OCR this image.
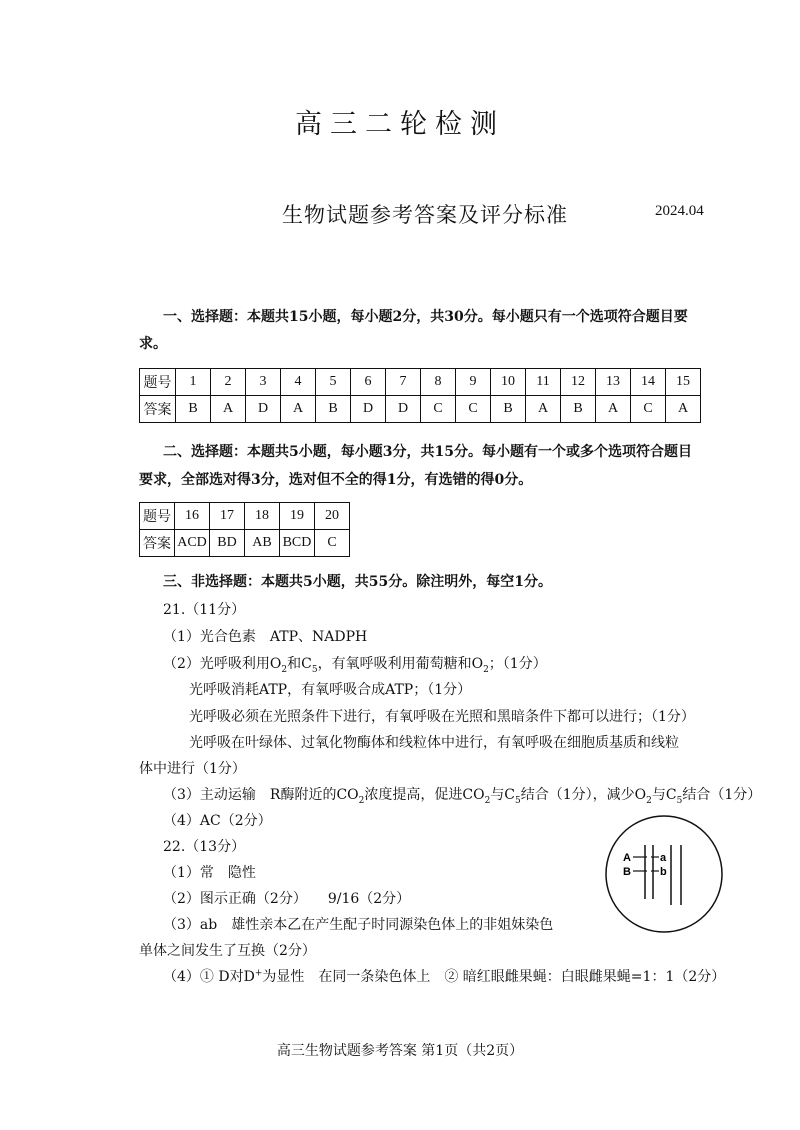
高三二轮检测
生物试题参考答案及评分标准	2024.04
一、选择题：本题共15小题，每小题2分，共30分。每小题只有一个选项符合题目要
求。
题号	1	2	3	4	5	6	7	8	9	10	11	12	13	14	15
答案	B	A	D	A	B	D	D	C	C	B	A	B	A	C	A
二、选择题：本题共5小题，每小题3分，共15分。每小题有一个或多个选项符合题目
要求，全部选对得3分，选对但不全的得1分，有选错的得0分。
题号	16	17	18	19	20
答案	ACD	BD	AB	BCD	C
三、非选择题：本题共5小题，共55分。除注明外，每空1分。
21.（11分）
（1）光合色素　ATP、NADPH
（2）光呼吸利用$O_2$和$C_5$，有氧呼吸利用葡萄糖和$O_2$；（1分）
光呼吸消耗ATP，有氧呼吸合成ATP；（1分）
光呼吸必须在光照条件下进行，有氧呼吸在光照和黑暗条件下都可以进行；（1分）
光呼吸在叶绿体、过氧化物酶体和线粒体中进行，有氧呼吸在细胞质基质和线粒
体中进行（1分）
（3）主动运输　R酶附近的$CO_2$浓度提高，促进$CO_2$与$C_5$结合（1分），减少$O_2$与$C_5$结合（1分）
（4）AC（2分）
22.（13分）
（1）常　隐性
（2）图示正确（2分）　　9/16（2分）
（3）ab　雄性亲本乙在产生配子时同源染色体上的非姐妹染色
单体之间发生了互换（2分）
（4）① D对D+为显性　在同一条染色体上　② 暗红眼雌果蝇：白眼雌果蝇=1：1（2分）
A	a
B	b
高三生物试题参考答案 第1页（共2页）
